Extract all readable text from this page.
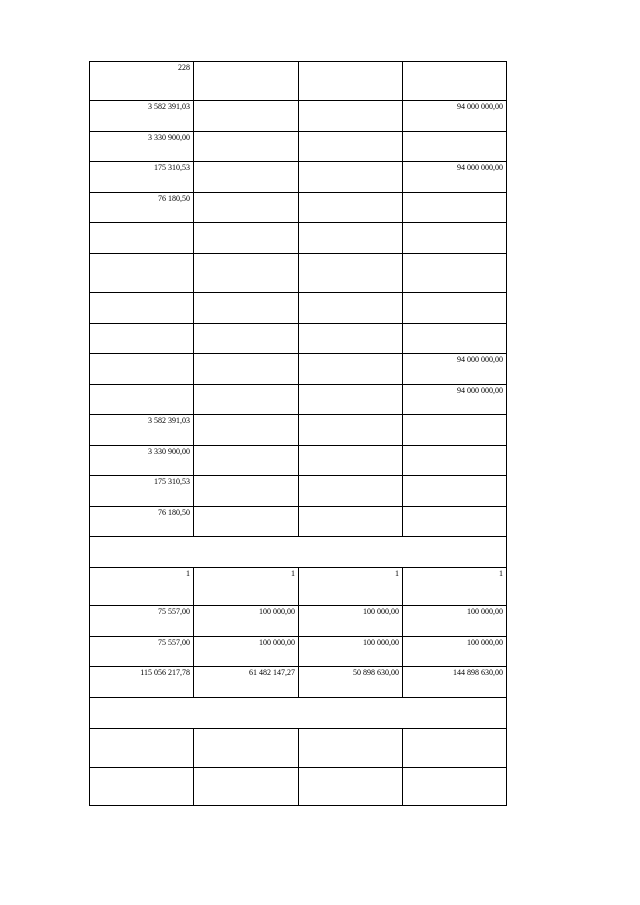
228			
3 582 391,03			94 000 000,00
3 330 900,00			
175 310,53			94 000 000,00
76 180,50			

			94 000 000,00
			94 000 000,00
3 582 391,03			
3 330 900,00			
175 310,53			
76 180,50			

1	1	1	1
75 557,00	100 000,00	100 000,00	100 000,00
75 557,00	100 000,00	100 000,00	100 000,00
115 056 217,78	61 482 147,27	50 898 630,00	144 898 630,00
